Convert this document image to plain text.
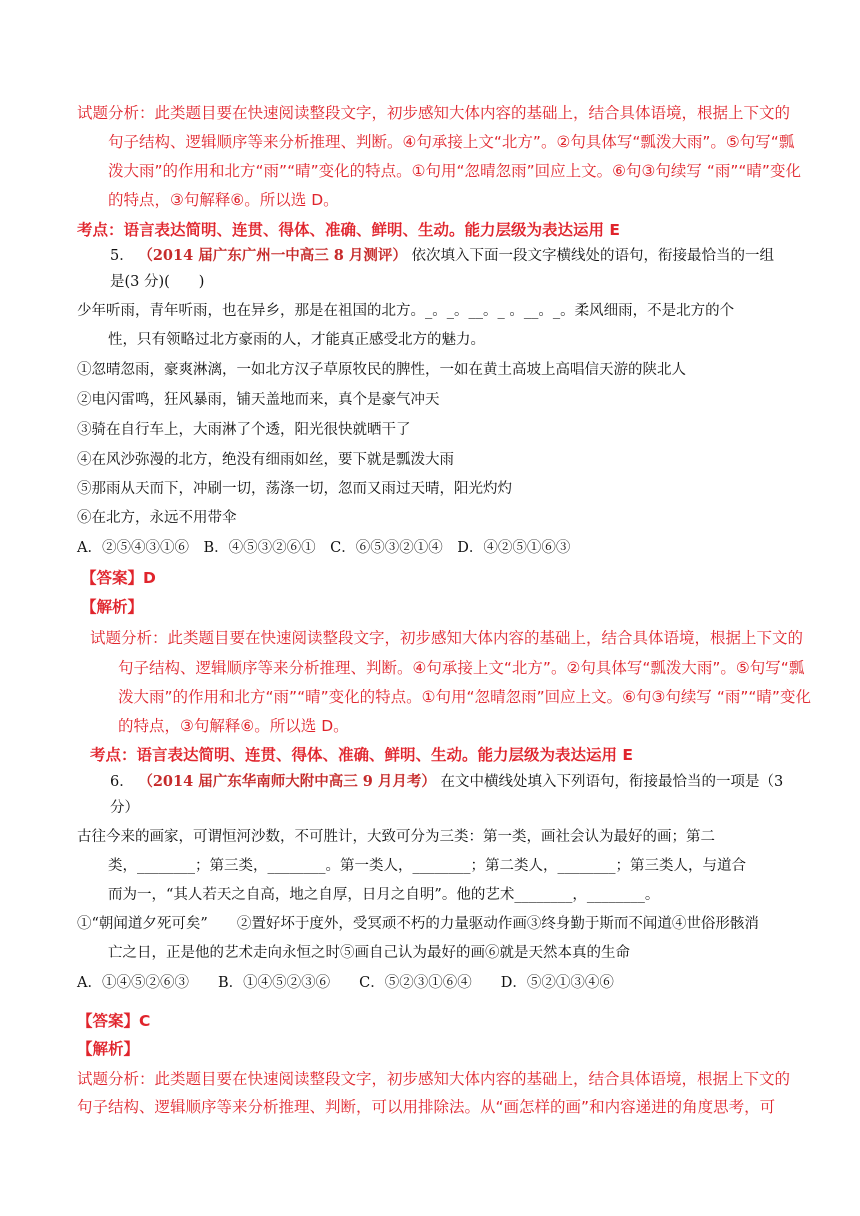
试题分析：此类题目要在快速阅读整段文字，初步感知大体内容的基础上，结合具体语境，根据上下文的
句子结构、逻辑顺序等来分析推理、判断。④句承接上文“北方”。②句具体写“瓢泼大雨”。⑤句写“瓢
泼大雨”的作用和北方“雨”“晴”变化的特点。①句用“忽晴忽雨”回应上文。⑥句③句续写 “雨”“晴”变化
的特点，③句解释⑥。所以选 D。
考点：语言表达简明、连贯、得体、准确、鲜明、生动。能力层级为表达运用 E
5． （2014 届广东广州一中高三 8 月测评） 依次填入下面一段文字横线处的语句，衔接最恰当的一组
是(3 分)(　　)
少年听雨，青年听雨，也在异乡，那是在祖国的北方。_。_。__。_ 。__。_。柔风细雨，不是北方的个
性，只有领略过北方豪雨的人，才能真正感受北方的魅力。
①忽晴忽雨，豪爽淋漓，一如北方汉子草原牧民的脾性，一如在黄土高坡上高唱信天游的陕北人
②电闪雷鸣，狂风暴雨，铺天盖地而来，真个是豪气冲天
③骑在自行车上，大雨淋了个透，阳光很快就晒干了
④在风沙弥漫的北方，绝没有细雨如丝，要下就是瓢泼大雨
⑤那雨从天而下，冲刷一切，荡涤一切，忽而又雨过天晴，阳光灼灼
⑥在北方，永远不用带伞
A．②⑤④③①⑥　B．④⑤③②⑥①　C．⑥⑤③②①④　D．④②⑤①⑥③
【答案】D
【解析】
试题分析：此类题目要在快速阅读整段文字，初步感知大体内容的基础上，结合具体语境，根据上下文的
句子结构、逻辑顺序等来分析推理、判断。④句承接上文“北方”。②句具体写“瓢泼大雨”。⑤句写“瓢
泼大雨”的作用和北方“雨”“晴”变化的特点。①句用“忽晴忽雨”回应上文。⑥句③句续写 “雨”“晴”变化
的特点，③句解释⑥。所以选 D。
考点：语言表达简明、连贯、得体、准确、鲜明、生动。能力层级为表达运用 E
6． （2014 届广东华南师大附中高三 9 月月考） 在文中横线处填入下列语句，衔接最恰当的一项是（3
分）
古往今来的画家，可谓恒河沙数，不可胜计，大致可分为三类：第一类，画社会认为最好的画；第二
类，________；第三类，________。第一类人，________；第二类人，________；第三类人，与道合
而为一，“其人若天之自高，地之自厚，日月之自明”。他的艺术________，________。
①“朝闻道夕死可矣”　　②置好坏于度外，受冥顽不朽的力量驱动作画③终身勤于斯而不闻道④世俗形骸消
亡之日，正是他的艺术走向永恒之时⑤画自己认为最好的画⑥就是天然本真的生命
A．①④⑤②⑥③　　B．①④⑤②③⑥　　C．⑤②③①⑥④　　D．⑤②①③④⑥
【答案】C
【解析】
试题分析：此类题目要在快速阅读整段文字，初步感知大体内容的基础上，结合具体语境，根据上下文的
句子结构、逻辑顺序等来分析推理、判断，可以用排除法。从“画怎样的画”和内容递进的角度思考，可
